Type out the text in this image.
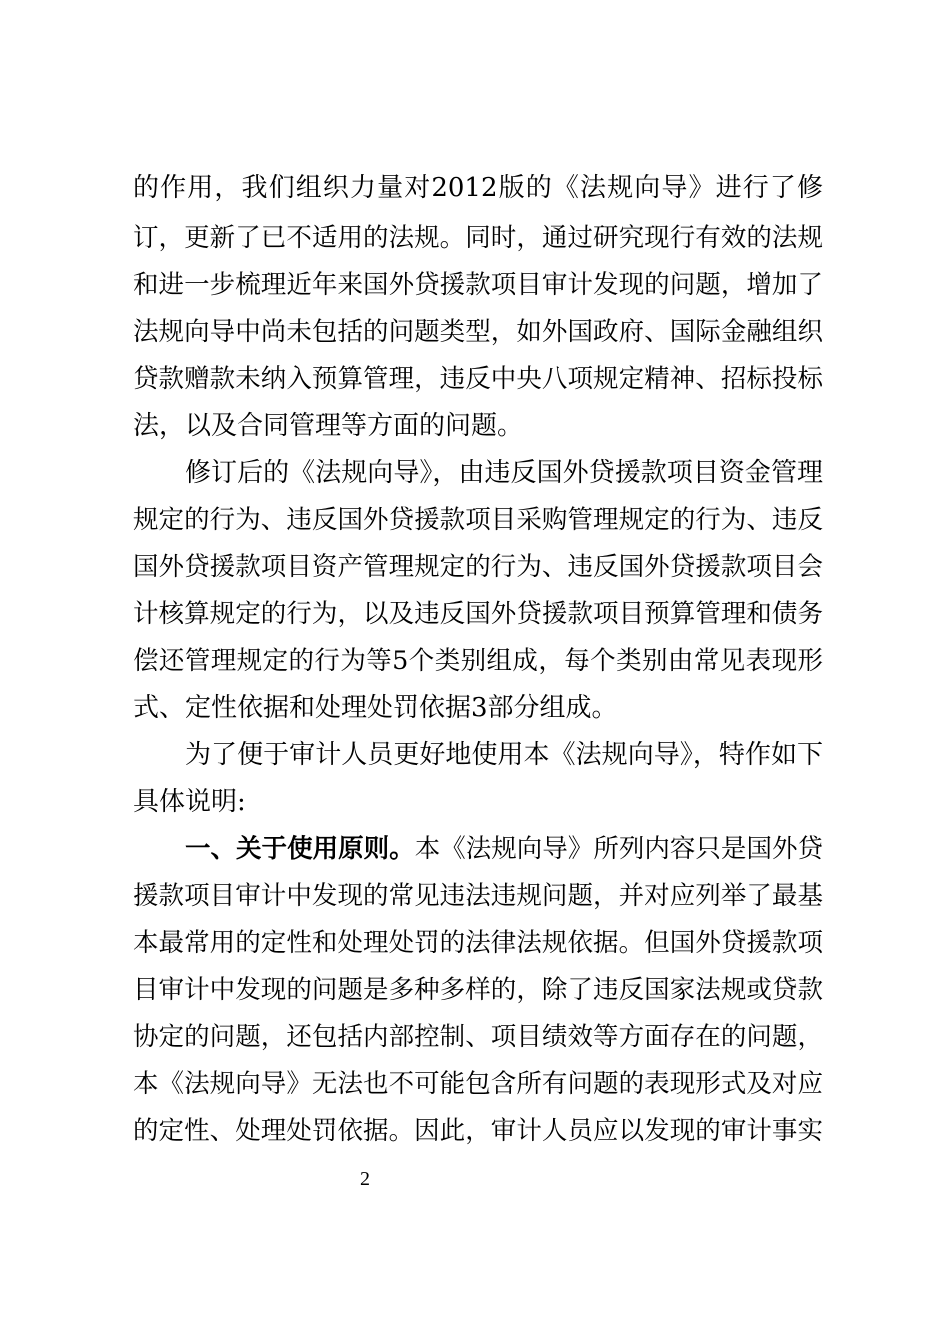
的作用，我们组织力量对2012版的《法规向导》进行了修
订，更新了已不适用的法规。同时，通过研究现行有效的法规
和进一步梳理近年来国外贷援款项目审计发现的问题，增加了
法规向导中尚未包括的问题类型，如外国政府、国际金融组织
贷款赠款未纳入预算管理，违反中央八项规定精神、招标投标
法，以及合同管理等方面的问题。
修订后的《法规向导》，由违反国外贷援款项目资金管理
规定的行为、违反国外贷援款项目采购管理规定的行为、违反
国外贷援款项目资产管理规定的行为、违反国外贷援款项目会
计核算规定的行为，以及违反国外贷援款项目预算管理和债务
偿还管理规定的行为等5个类别组成，每个类别由常见表现形
式、定性依据和处理处罚依据3部分组成。
为了便于审计人员更好地使用本《法规向导》，特作如下
具体说明:
一、关于使用原则。本《法规向导》所列内容只是国外贷
援款项目审计中发现的常见违法违规问题，并对应列举了最基
本最常用的定性和处理处罚的法律法规依据。但国外贷援款项
目审计中发现的问题是多种多样的，除了违反国家法规或贷款
协定的问题，还包括内部控制、项目绩效等方面存在的问题，
本《法规向导》无法也不可能包含所有问题的表现形式及对应
的定性、处理处罚依据。因此，审计人员应以发现的审计事实
2
